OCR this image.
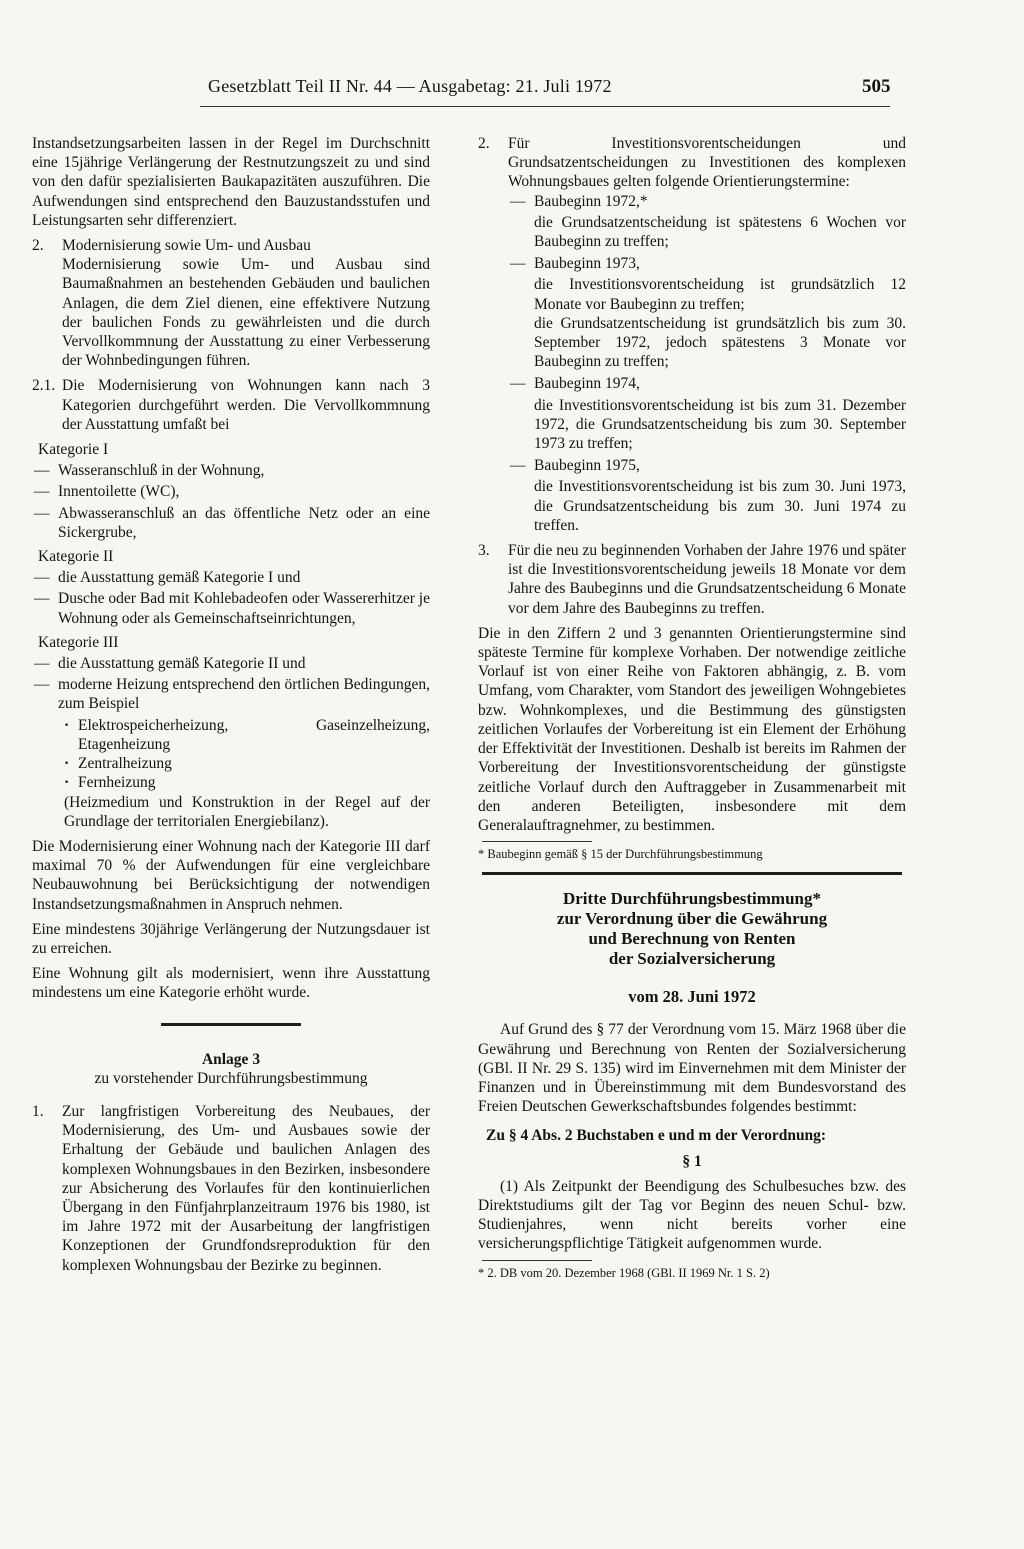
Gesetzblatt Teil II Nr. 44 — Ausgabetag: 21. Juli 1972	505

Instandsetzungsarbeiten lassen in der Regel im Durchschnitt eine 15jährige Verlängerung der Restnutzungszeit zu und sind von den dafür spezialisierten Baukapazitäten auszuführen. Die Aufwendungen sind entsprechend den Bauzustandsstufen und Leistungsarten sehr differenziert.

2. Modernisierung sowie Um- und Ausbau

Modernisierung sowie Um- und Ausbau sind Baumaßnahmen an bestehenden Gebäuden und baulichen Anlagen, die dem Ziel dienen, eine effektivere Nutzung der baulichen Fonds zu gewährleisten und die durch Vervollkommnung der Ausstattung zu einer Verbesserung der Wohnbedingungen führen.

2.1. Die Modernisierung von Wohnungen kann nach 3 Kategorien durchgeführt werden. Die Vervollkommnung der Ausstattung umfaßt bei

Kategorie I

— Wasseranschluß in der Wohnung,

— Innentoilette (WC),

— Abwasseranschluß an das öffentliche Netz oder an eine Sickergrube,

Kategorie II

— die Ausstattung gemäß Kategorie I und

— Dusche oder Bad mit Kohlebadeofen oder Wassererhitzer je Wohnung oder als Gemeinschaftseinrichtungen,

Kategorie III

— die Ausstattung gemäß Kategorie II und

— moderne Heizung entsprechend den örtlichen Bedingungen, zum Beispiel

· Elektrospeicherheizung, Gaseinzelheizung, Etagenheizung

· Zentralheizung

· Fernheizung

(Heizmedium und Konstruktion in der Regel auf der Grundlage der territorialen Energiebilanz).

Die Modernisierung einer Wohnung nach der Kategorie III darf maximal 70 % der Aufwendungen für eine vergleichbare Neubauwohnung bei Berücksichtigung der notwendigen Instandsetzungsmaßnahmen in Anspruch nehmen.

Eine mindestens 30jährige Verlängerung der Nutzungsdauer ist zu erreichen.

Eine Wohnung gilt als modernisiert, wenn ihre Ausstattung mindestens um eine Kategorie erhöht wurde.

Anlage 3

zu vorstehender Durchführungsbestimmung

1. Zur langfristigen Vorbereitung des Neubaues, der Modernisierung, des Um- und Ausbaues sowie der Erhaltung der Gebäude und baulichen Anlagen des komplexen Wohnungsbaues in den Bezirken, insbesondere zur Absicherung des Vorlaufes für den kontinuierlichen Übergang in den Fünfjahrplanzeitraum 1976 bis 1980, ist im Jahre 1972 mit der Ausarbeitung der langfristigen Konzeptionen der Grundfondsreproduktion für den komplexen Wohnungsbau der Bezirke zu beginnen.

2. Für Investitionsvorentscheidungen und Grundsatzentscheidungen zu Investitionen des komplexen Wohnungsbaues gelten folgende Orientierungstermine:

— Baubeginn 1972,*

die Grundsatzentscheidung ist spätestens 6 Wochen vor Baubeginn zu treffen;

— Baubeginn 1973,

die Investitionsvorentscheidung ist grundsätzlich 12 Monate vor Baubeginn zu treffen;

die Grundsatzentscheidung ist grundsätzlich bis zum 30. September 1972, jedoch spätestens 3 Monate vor Baubeginn zu treffen;

— Baubeginn 1974,

die Investitionsvorentscheidung ist bis zum 31. Dezember 1972, die Grundsatzentscheidung bis zum 30. September 1973 zu treffen;

— Baubeginn 1975,

die Investitionsvorentscheidung ist bis zum 30. Juni 1973, die Grundsatzentscheidung bis zum 30. Juni 1974 zu treffen.

3. Für die neu zu beginnenden Vorhaben der Jahre 1976 und später ist die Investitionsvorentscheidung jeweils 18 Monate vor dem Jahre des Baubeginns und die Grundsatzentscheidung 6 Monate vor dem Jahre des Baubeginns zu treffen.

Die in den Ziffern 2 und 3 genannten Orientierungstermine sind späteste Termine für komplexe Vorhaben. Der notwendige zeitliche Vorlauf ist von einer Reihe von Faktoren abhängig, z. B. vom Umfang, vom Charakter, vom Standort des jeweiligen Wohngebietes bzw. Wohnkomplexes, und die Bestimmung des günstigsten zeitlichen Vorlaufes der Vorbereitung ist ein Element der Erhöhung der Effektivität der Investitionen. Deshalb ist bereits im Rahmen der Vorbereitung der Investitionsvorentscheidung der günstigste zeitliche Vorlauf durch den Auftraggeber in Zusammenarbeit mit den anderen Beteiligten, insbesondere mit dem Generalauftragnehmer, zu bestimmen.

* Baubeginn gemäß § 15 der Durchführungsbestimmung

Dritte Durchführungsbestimmung*

zur Verordnung über die Gewährung

und Berechnung von Renten

der Sozialversicherung

vom 28. Juni 1972

Auf Grund des § 77 der Verordnung vom 15. März 1968 über die Gewährung und Berechnung von Renten der Sozialversicherung (GBl. II Nr. 29 S. 135) wird im Einvernehmen mit dem Minister der Finanzen und in Übereinstimmung mit dem Bundesvorstand des Freien Deutschen Gewerkschaftsbundes folgendes bestimmt:

Zu § 4 Abs. 2 Buchstaben e und m der Verordnung:

§ 1

(1) Als Zeitpunkt der Beendigung des Schulbesuches bzw. des Direktstudiums gilt der Tag vor Beginn des neuen Schul- bzw. Studienjahres, wenn nicht bereits vorher eine versicherungspflichtige Tätigkeit aufgenommen wurde.

* 2. DB vom 20. Dezember 1968 (GBl. II 1969 Nr. 1 S. 2)
